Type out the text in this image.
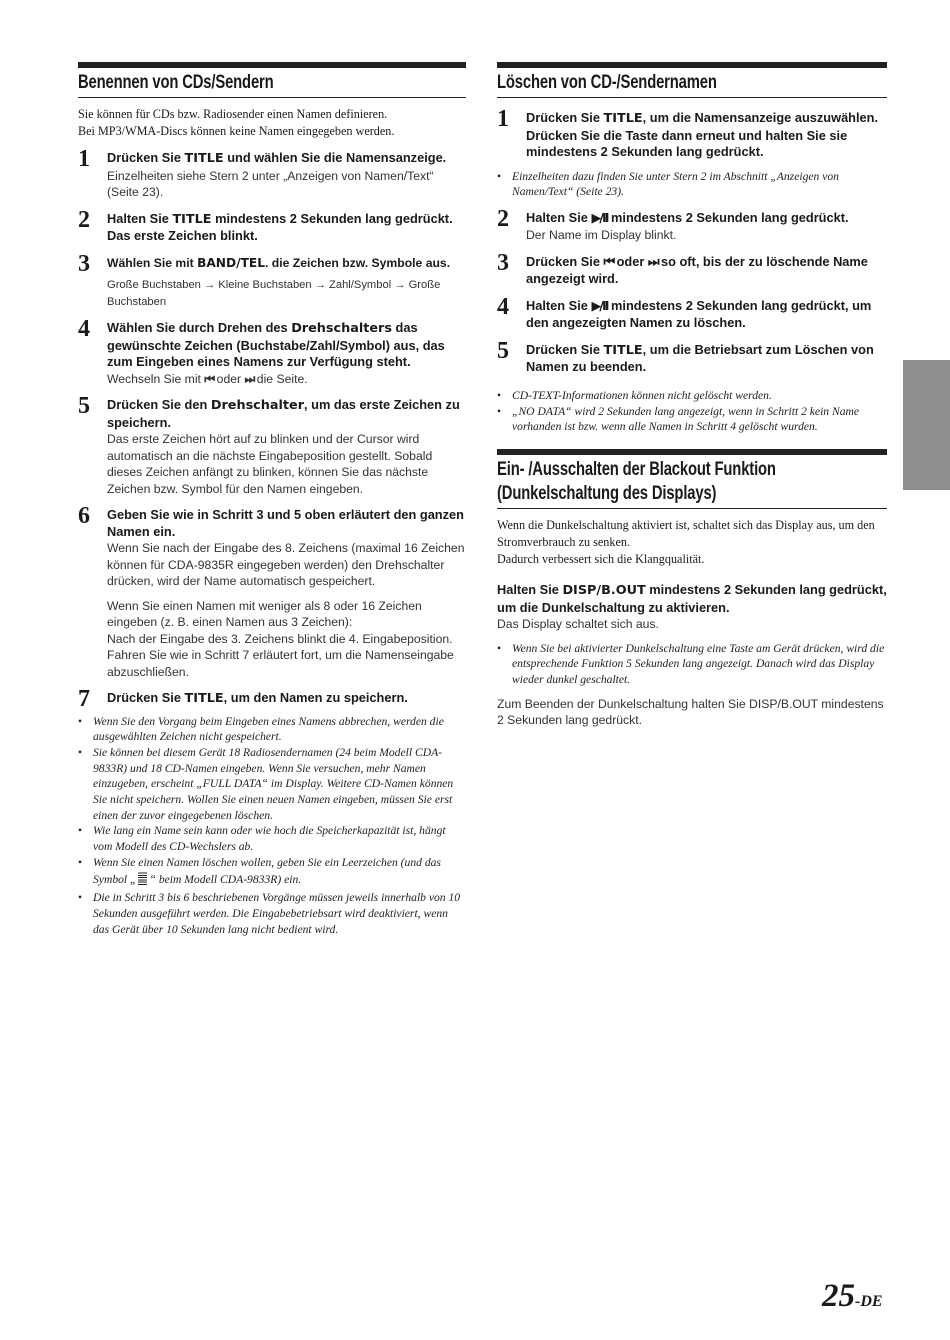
Benennen von CDs/Sendern
Sie können für CDs bzw. Radiosender einen Namen definieren.
Bei MP3/WMA-Discs können keine Namen eingegeben werden.
1 Drücken Sie TITLE und wählen Sie die Namensanzeige.
Einzelheiten siehe Stern 2 unter „Anzeigen von Namen/Text“ (Seite 23).
2 Halten Sie TITLE mindestens 2 Sekunden lang gedrückt. Das erste Zeichen blinkt.
3 Wählen Sie mit BAND/TEL. die Zeichen bzw. Symbole aus.
Große Buchstaben → Kleine Buchstaben → Zahl/Symbol → Große Buchstaben
4 Wählen Sie durch Drehen des Drehschalters das gewünschte Zeichen (Buchstabe/Zahl/Symbol) aus, das zum Eingeben eines Namens zur Verfügung steht.
Wechseln Sie mit ⏮ oder ⏭ die Seite.
5 Drücken Sie den Drehschalter, um das erste Zeichen zu speichern.
Das erste Zeichen hört auf zu blinken und der Cursor wird automatisch an die nächste Eingabeposition gestellt. Sobald dieses Zeichen anfängt zu blinken, können Sie das nächste Zeichen bzw. Symbol für den Namen eingeben.
6 Geben Sie wie in Schritt 3 und 5 oben erläutert den ganzen Namen ein.
Wenn Sie nach der Eingabe des 8. Zeichens (maximal 16 Zeichen können für CDA-9835R eingegeben werden) den Drehschalter drücken, wird der Name automatisch gespeichert.
Wenn Sie einen Namen mit weniger als 8 oder 16 Zeichen eingeben (z. B. einen Namen aus 3 Zeichen):
Nach der Eingabe des 3. Zeichens blinkt die 4. Eingabeposition. Fahren Sie wie in Schritt 7 erläutert fort, um die Namenseingabe abzuschließen.
7 Drücken Sie TITLE, um den Namen zu speichern.
• Wenn Sie den Vorgang beim Eingeben eines Namens abbrechen, werden die ausgewählten Zeichen nicht gespeichert.
• Sie können bei diesem Gerät 18 Radiosendernamen (24 beim Modell CDA-9833R) und 18 CD-Namen eingeben. Wenn Sie versuchen, mehr Namen einzugeben, erscheint „FULL DATA“ im Display. Weitere CD-Namen können Sie nicht speichern. Wollen Sie einen neuen Namen eingeben, müssen Sie erst einen der zuvor eingegebenen löschen.
• Wie lang ein Name sein kann oder wie hoch die Speicherkapazität ist, hängt vom Modell des CD-Wechslers ab.
• Wenn Sie einen Namen löschen wollen, geben Sie ein Leerzeichen (und das Symbol „ “ beim Modell CDA-9833R) ein.
• Die in Schritt 3 bis 6 beschriebenen Vorgänge müssen jeweils innerhalb von 10 Sekunden ausgeführt werden. Die Eingabebetriebsart wird deaktiviert, wenn das Gerät über 10 Sekunden lang nicht bedient wird.
Löschen von CD-/Sendernamen
1 Drücken Sie TITLE, um die Namensanzeige auszuwählen. Drücken Sie die Taste dann erneut und halten Sie sie mindestens 2 Sekunden lang gedrückt.
• Einzelheiten dazu finden Sie unter Stern 2 im Abschnitt „Anzeigen von Namen/Text“ (Seite 23).
2 Halten Sie ▶/II mindestens 2 Sekunden lang gedrückt.
Der Name im Display blinkt.
3 Drücken Sie ⏮ oder ⏭ so oft, bis der zu löschende Name angezeigt wird.
4 Halten Sie ▶/II mindestens 2 Sekunden lang gedrückt, um den angezeigten Namen zu löschen.
5 Drücken Sie TITLE, um die Betriebsart zum Löschen von Namen zu beenden.
• CD-TEXT-Informationen können nicht gelöscht werden.
• „NO DATA“ wird 2 Sekunden lang angezeigt, wenn in Schritt 2 kein Name vorhanden ist bzw. wenn alle Namen in Schritt 4 gelöscht wurden.
Ein- /Ausschalten der Blackout Funktion
(Dunkelschaltung des Displays)
Wenn die Dunkelschaltung aktiviert ist, schaltet sich das Display aus, um den Stromverbrauch zu senken.
Dadurch verbessert sich die Klangqualität.
Halten Sie DISP/B.OUT mindestens 2 Sekunden lang gedrückt, um die Dunkelschaltung zu aktivieren.
Das Display schaltet sich aus.
• Wenn Sie bei aktivierter Dunkelschaltung eine Taste am Gerät drücken, wird die entsprechende Funktion 5 Sekunden lang angezeigt. Danach wird das Display wieder dunkel geschaltet.
Zum Beenden der Dunkelschaltung halten Sie DISP/B.OUT mindestens 2 Sekunden lang gedrückt.
25-DE
